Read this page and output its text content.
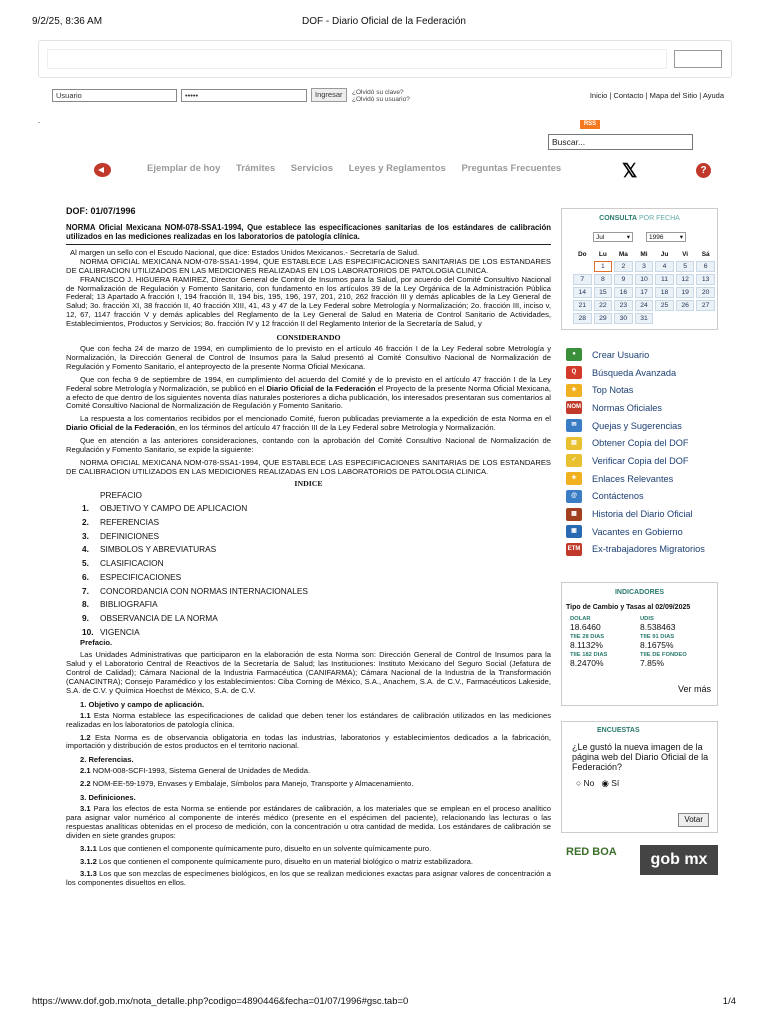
9/2/25, 8:36 AM	DOF - Diario Oficial de la Federación
Usuario	•••••	Ingresar	¿Olvidó su clave?
¿Olvidó su usuario?	Inicio | Contacto | Mapa del Sitio | Ayuda
.	RSS
Buscar...
Ejemplar de hoy Trámites Servicios Leyes y Reglamentos Preguntas Frecuentes	𝕏	?
DOF: 01/07/1996

NORMA Oficial Mexicana NOM-078-SSA1-1994, Que establece las especificaciones sanitarias de los estándares de calibración utilizados en las mediciones realizadas en los laboratorios de patología clínica.

Al margen un sello con el Escudo Nacional, que dice: Estados Unidos Mexicanos.- Secretaría de Salud.

NORMA OFICIAL MEXICANA NOM-078-SSA1-1994, QUE ESTABLECE LAS ESPECIFICACIONES SANITARIAS DE LOS ESTANDARES DE CALIBRACION UTILIZADOS EN LAS MEDICIONES REALIZADAS EN LOS LABORATORIOS DE PATOLOGIA CLINICA.

FRANCISCO J. HIGUERA RAMIREZ, Director General de Control de Insumos para la Salud, por acuerdo del Comité Consultivo Nacional de Normalización de Regulación y Fomento Sanitario, con fundamento en los artículos 39 de la Ley Orgánica de la Administración Pública Federal; 13 Apartado A fracción I, 194 fracción II, 194 bis, 195, 196, 197, 201, 210, 262 fracción III y demás aplicables de la Ley General de Salud; 3o. fracción XI, 38 fracción II, 40 fracción XIII, 41, 43 y 47 de la Ley Federal sobre Metrología y Normalización; 2o. fracción III, inciso v, 12, 67, 1147 fracción V y demás aplicables del Reglamento de la Ley General de Salud en Materia de Control Sanitario de Actividades, Establecimientos, Productos y Servicios; 8o. fracción IV y 12 fracción II del Reglamento Interior de la Secretaría de Salud, y

CONSIDERANDO

Que con fecha 24 de marzo de 1994, en cumplimiento de lo previsto en el artículo 46 fracción I de la Ley Federal sobre Metrología y Normalización, la Dirección General de Control de Insumos para la Salud presentó al Comité Consultivo Nacional de Normalización de Regulación y Fomento Sanitario, el anteproyecto de la presente Norma Oficial Mexicana.

Que con fecha 9 de septiembre de 1994, en cumplimiento del acuerdo del Comité y de lo previsto en el artículo 47 fracción I de la Ley Federal sobre Metrología y Normalización, se publicó en el Diario Oficial de la Federación el Proyecto de la presente Norma Oficial Mexicana, a efecto de que dentro de los siguientes noventa días naturales posteriores a dicha publicación, los interesados presentaran sus comentarios al Comité Consultivo Nacional de Normalización de Regulación y Fomento Sanitario.

La respuesta a los comentarios recibidos por el mencionado Comité, fueron publicadas previamente a la expedición de esta Norma en el Diario Oficial de la Federación, en los términos del artículo 47 fracción III de la Ley Federal sobre Metrología y Normalización.

Que en atención a las anteriores consideraciones, contando con la aprobación del Comité Consultivo Nacional de Normalización de Regulación y Fomento Sanitario, se expide la siguiente:

NORMA OFICIAL MEXICANA NOM-078-SSA1-1994, QUE ESTABLECE LAS ESPECIFICACIONES SANITARIAS DE LOS ESTANDARES DE CALIBRACION UTILIZADOS EN LAS MEDICIONES REALIZADAS EN LOS LABORATORIOS DE PATOLOGIA CLINICA.

INDICE
PREFACIO
1.	OBJETIVO Y CAMPO DE APLICACION
2.	REFERENCIAS
3.	DEFINICIONES
4.	SIMBOLOS Y ABREVIATURAS
5.	CLASIFICACION
6.	ESPECIFICACIONES
7.	CONCORDANCIA CON NORMAS INTERNACIONALES
8.	BIBLIOGRAFIA
9.	OBSERVANCIA DE LA NORMA
10. VIGENCIA

Prefacio.

Las Unidades Administrativas que participaron en la elaboración de esta Norma son: Dirección General de Control de Insumos para la Salud y el Laboratorio Central de Reactivos de la Secretaría de Salud; las Instituciones: Instituto Mexicano del Seguro Social (Jefatura de Control de Calidad); Cámara Nacional de la Industria Farmacéutica (CANIFARMA); Cámara Nacional de la Industria de la Transformación (CANACINTRA); Consejo Paramédico y los establecimientos: Ciba Corning de México, S.A., Anachem, S.A. de C.V., Farmacéuticos Lakeside, S.A. de C.V. y Química Hoechst de México, S.A. de C.V.

1. Objetivo y campo de aplicación.

1.1 Esta Norma establece las especificaciones de calidad que deben tener los estándares de calibración utilizados en las mediciones realizadas en los laboratorios de patología clínica.

1.2 Esta Norma es de observancia obligatoria en todas las industrias, laboratorios y establecimientos dedicados a la fabricación, importación y distribución de estos productos en el territorio nacional.

2. Referencias.

2.1 NOM-008-SCFI-1993, Sistema General de Unidades de Medida.

2.2 NOM-EE-59-1979, Envases y Embalaje, Símbolos para Manejo, Transporte y Almacenamiento.

3. Definiciones.

3.1 Para los efectos de esta Norma se entiende por estándares de calibración, a los materiales que se emplean en el proceso analítico para asignar valor numérico al componente de interés médico (presente en el espécimen del paciente), relacionando las lecturas o las respuestas analíticas obtenidas en el proceso de medición, con la concentración u otra cantidad de medida. Los estándares de calibración se dividen en siete grandes grupos:

3.1.1 Los que contienen el componente químicamente puro, disuelto en un solvente químicamente puro.

3.1.2 Los que contienen el componente químicamente puro, disuelto en un material biológico o matriz estabilizadora.

3.1.3 Los que son mezclas de especímenes biológicos, en los que se realizan mediciones exactas para asignar valores de concentración a los componentes disueltos en ellos.

CONSULTA POR FECHA
Jul	▾	1996	▾
Do	Lu	Ma	Mi	Ju	Vi	Sá
	1	2	3	4	5	6
7	8	9	10	11	12	13
14	15	16	17	18	19	20
21	22	23	24	25	26	27
28	29	30	31			
●	Crear Usuario
Q	Búsqueda Avanzada
★	Top Notas
NOM Normas Oficiales
✉	Quejas y Sugerencias
▤	Obtener Copia del DOF
✓	Verificar Copia del DOF
★	Enlaces Relevantes
@	Contáctenos
▦	Historia del Diario Oficial
▣	Vacantes en Gobierno
ETM Ex-trabajadores Migratorios
INDICADORES
Tipo de Cambio y Tasas al 02/09/2025
DOLAR
18.6460
UDIS
8.538463
TIIE 28 DIAS
8.1132%
TIIE 91 DIAS
8.1675%
TIIE 182 DIAS
8.2470%
TIIE DE FONDEO
7.85%
Ver más
ENCUESTAS
¿Le gustó la nueva imagen de la página web del Diario Oficial de la Federación?
○ No ◉ Sí
Votar
RED BOA	gob mx
https://www.dof.gob.mx/nota_detalle.php?codigo=4890446&fecha=01/07/1996#gsc.tab=0	1/4
